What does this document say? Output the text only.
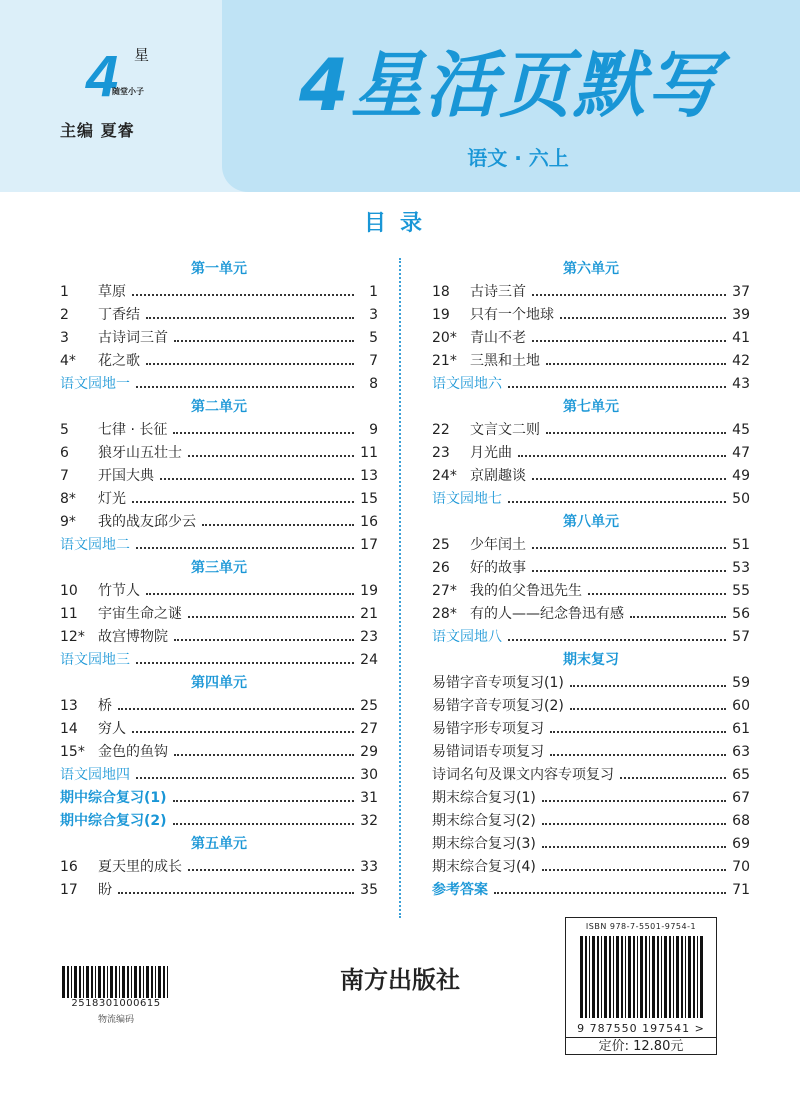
4 星
随堂小子
主编 夏睿
4星活页默写
语文 · 六上
目录
第一单元
1	草原	1
2	丁香结	3
3	古诗词三首	5
4*	花之歌	7
语文园地一	8
第二单元
5	七律 · 长征	9
6	狼牙山五壮士	11
7	开国大典	13
8*	灯光	15
9*	我的战友邱少云	16
语文园地二	17
第三单元
10	竹节人	19
11	宇宙生命之谜	21
12* 故宫博物院	23
语文园地三	24
第四单元
13	桥	25
14	穷人	27
15* 金色的鱼钩	29
语文园地四	30
期中综合复习(1)	31
期中综合复习(2)	32
第五单元
16	夏天里的成长	33
17	盼	35
第六单元
18	古诗三首	37
19	只有一个地球	39
20* 青山不老	41
21* 三黑和土地	42
语文园地六	43
第七单元
22	文言文二则	45
23	月光曲	47
24* 京剧趣谈	49
语文园地七	50
第八单元
25	少年闰土	51
26	好的故事	53
27* 我的伯父鲁迅先生	55
28* 有的人——纪念鲁迅有感	56
语文园地八	57
期末复习
易错字音专项复习(1)	59
易错字音专项复习(2)	60
易错字形专项复习	61
易错词语专项复习	63
诗词名句及课文内容专项复习	65
期末综合复习(1)	67
期末综合复习(2)	68
期末综合复习(3)	69
期末综合复习(4)	70
参考答案	71
2518301000615
物流编码
南方出版社
ISBN 978-7-5501-9754-1
9 787550 197541 >
定价: 12.80元
